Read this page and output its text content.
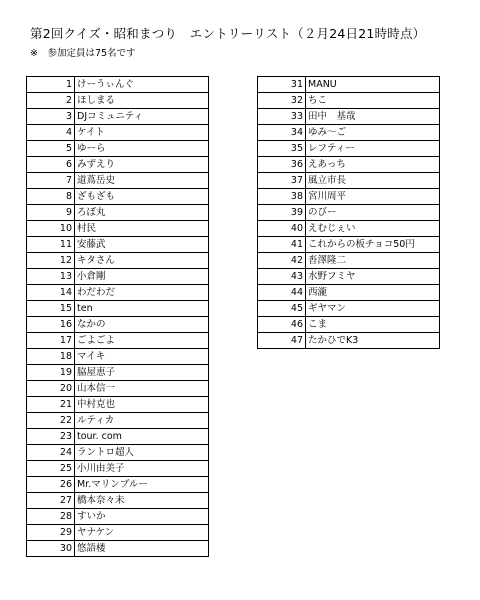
第2回クイズ・昭和まつり　エントリーリスト（２月24日21時時点）
※　参加定員は75名です
1	けーうぃんぐ
2	ほしまる
3	DJコミュニティ
4	ケイト
5	ゆーら
6	みずえり
7	道蔦岳史
8	ざもざも
9	ろぼ丸
10	村民
11	安藤武
12	キタさん
13	小倉剛
14	わだわだ
15	ten
16	なかの
17	ごよごよ
18	マイキ
19	脇屋恵子
20	山本信一
21	中村克也
22	ルティカ
23	tour. com
24	ラントロ超人
25	小川由美子
26	Mr.マリンブルー
27	橋本奈々未
28	すいか
29	ヤナケン
30	悠語楼
31	MANU
32	ちこ
33	田中　基哉
34	ゆみ～ご
35	レフティー
36	えあっち
37	風立市長
38	宮川周平
39	のびー
40	えむじぇい
41	これからの板チョコ50円
42	沓澤隆二
43	水野フミヤ
44	西瀧
45	ギヤマン
46	こま
47	たかひでK3
